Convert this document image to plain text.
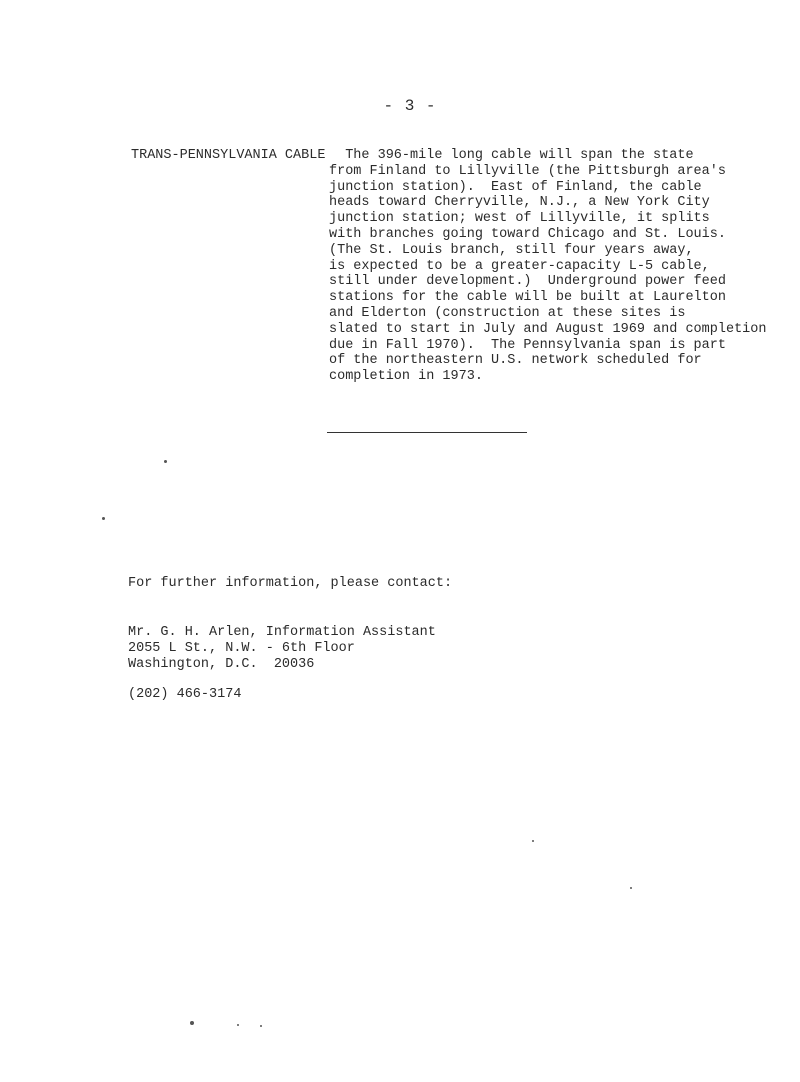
- 3 -
TRANS-PENNSYLVANIA CABLE The 396-mile long cable will span the state
from Finland to Lillyville (the Pittsburgh area's
junction station).  East of Finland, the cable
heads toward Cherryville, N.J., a New York City
junction station; west of Lillyville, it splits
with branches going toward Chicago and St. Louis.
(The St. Louis branch, still four years away,
is expected to be a greater-capacity L-5 cable,
still under development.)  Underground power feed
stations for the cable will be built at Laurelton
and Elderton (construction at these sites is
slated to start in July and August 1969 and completion
due in Fall 1970).  The Pennsylvania span is part
of the northeastern U.S. network scheduled for
completion in 1973.
For further information, please contact:
Mr. G. H. Arlen, Information Assistant
2055 L St., N.W. - 6th Floor
Washington, D.C.  20036
(202) 466-3174
